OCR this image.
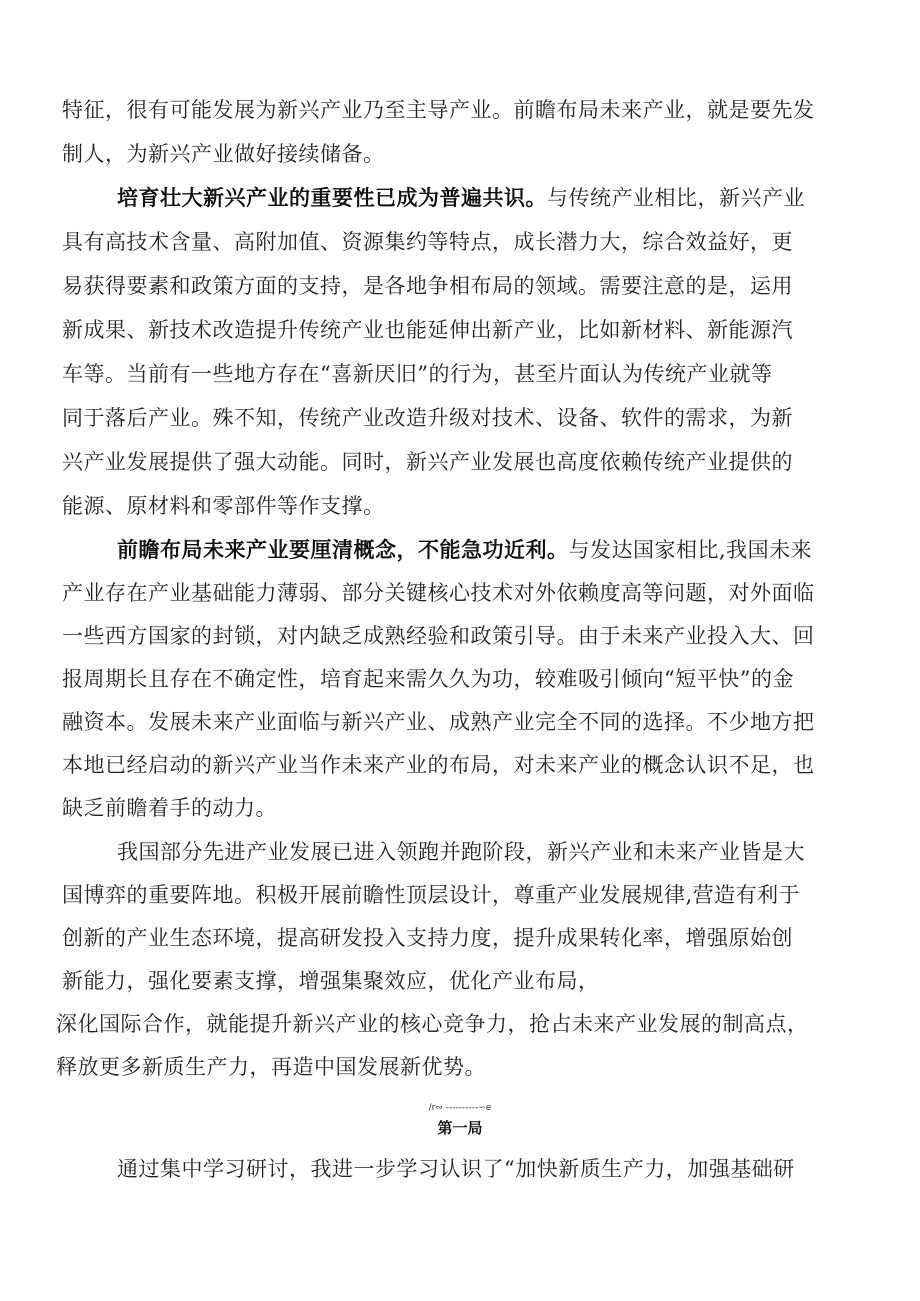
特征，很有可能发展为新兴产业乃至主导产业。前瞻布局未来产业，就是要先发
制人，为新兴产业做好接续储备。
培育壮大新兴产业的重要性已成为普遍共识。与传统产业相比，新兴产业
具有高技术含量、高附加值、资源集约等特点，成长潜力大，综合效益好，更
易获得要素和政策方面的支持，是各地争相布局的领域。需要注意的是，运用
新成果、新技术改造提升传统产业也能延伸出新产业，比如新材料、新能源汽
车等。当前有一些地方存在“喜新厌旧”的行为，甚至片面认为传统产业就等
同于落后产业。殊不知，传统产业改造升级对技术、设备、软件的需求，为新
兴产业发展提供了强大动能。同时，新兴产业发展也高度依赖传统产业提供的
能源、原材料和零部件等作支撑。
前瞻布局未来产业要厘清概念，不能急功近利。与发达国家相比,我国未来
产业存在产业基础能力薄弱、部分关键核心技术对外依赖度高等问题，对外面临
一些西方国家的封锁，对内缺乏成熟经验和政策引导。由于未来产业投入大、回
报周期长且存在不确定性，培育起来需久久为功，较难吸引倾向“短平快”的金
融资本。发展未来产业面临与新兴产业、成熟产业完全不同的选择。不少地方把
本地已经启动的新兴产业当作未来产业的布局，对未来产业的概念认识不足，也
缺乏前瞻着手的动力。
我国部分先进产业发展已进入领跑并跑阶段，新兴产业和未来产业皆是大
国博弈的重要阵地。积极开展前瞻性顶层设计，尊重产业发展规律,营造有利于
创新的产业生态环境，提高研发投入支持力度，提升成果转化率，增强原始创
新能力，强化要素支撑，增强集聚效应，优化产业布局，
深化国际合作，就能提升新兴产业的核心竞争力，抢占未来产业发展的制高点，
释放更多新质生产力，再造中国发展新优势。
∕r∾ ----------∽e
第一局
通过集中学习研讨，我进一步学习认识了“加快新质生产力，加强基础研
